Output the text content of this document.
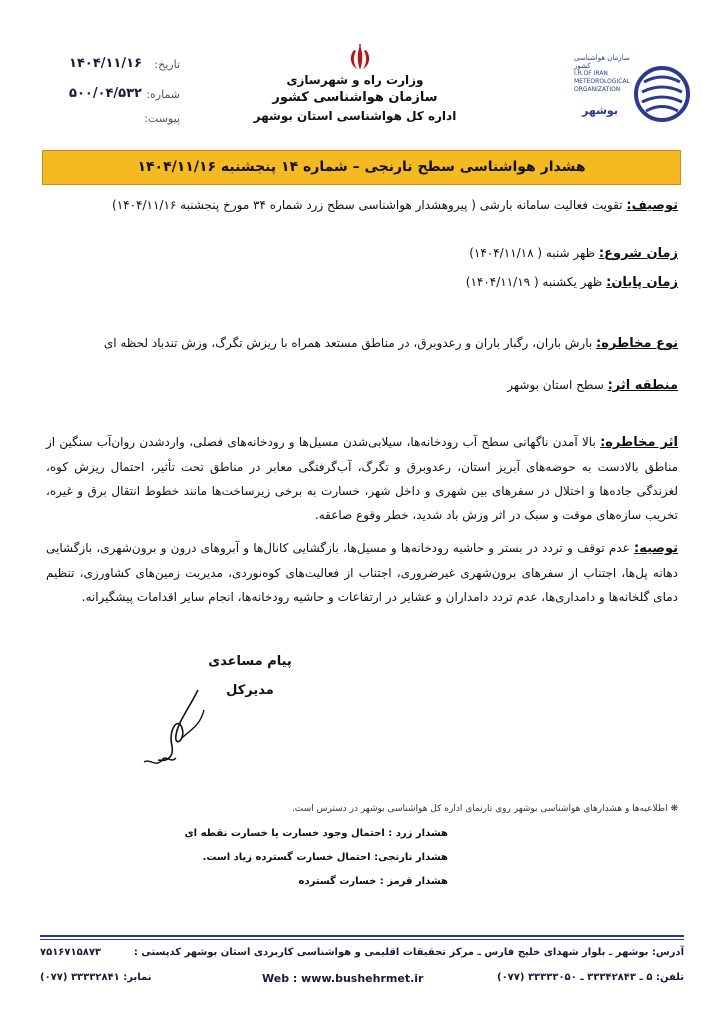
تاریخ:
۱۴۰۴/۱۱/۱۶
شماره:
۵۰۰/۰۴/۵۳۲
پیوست:
وزارت راه و شهرسازی
سازمان هواشناسی کشور
اداره کل هواشناسی استان بوشهر
سازمان هواشناسی کشور
I.R.OF IRAN
METEOROLOGICAL
ORGANIZATION
بوشهر
هشدار هواشناسی سطح نارنجی – شماره ۱۴ پنجشنبه ۱۴۰۴/۱۱/۱۶
توصیف: تقویت فعالیت سامانه بارشی ( پیروهشدار هواشناسی سطح زرد شماره ۳۴ مورخ پنجشنبه ۱۴۰۴/۱۱/۱۶)
زمان شروع: ظهر شنبه ( ۱۴۰۴/۱۱/۱۸)
زمان پایان: ظهر یکشنبه ( ۱۴۰۴/۱۱/۱۹)
نوع مخاطره: بارش باران، رگبار باران و رعدوبرق، در مناطق مستعد همراه با ریزش تگرگ، وزش تندباد لحظه ای
منطقه اثر: سطح استان بوشهر
اثر مخاطره: بالا آمدن ناگهانی سطح آب رودخانه‌ها، سیلابی‌شدن مسیل‌ها و رودخانه‌های فصلی، واردشدن روان‌آب سنگین از مناطق بالادست به حوضه‌های آبریز استان، رعدوبرق و تگرگ، آب‌گرفتگی معابر در مناطق تحت تأثیر، احتمال ریزش کوه، لغزندگی جاده‌ها و اختلال در سفرهای بین شهری و داخل شهر، خسارت به برخی زیرساخت‌ها مانند خطوط انتقال برق و غیره، تخریب سازه‌های موقت و سبک در اثر وزش باد شدید، خطر وقوع صاعقه.
توصیه: عدم توقف و تردد در بستر و حاشیه رودخانه‌ها و مسیل‌ها، بازگشایی کانال‌ها و آبروهای درون و برون‌شهری، بازگشایی دهانه پل‌ها، اجتناب از سفرهای برون‌شهری غیرضروری، اجتناب از فعالیت‌های کوه‌نوردی، مدیریت زمین‌های کشاورزی، تنظیم دمای گلخانه‌ها و دامداری‌ها، عدم تردد دامداران و عشایر در ارتفاعات و حاشیه رودخانه‌ها، انجام سایر اقدامات پیشگیرانه.
پیام مساعدی
مدیرکل
❋ اطلاعیه‌ها و هشدارهای هواشناسی بوشهر روی تارنمای اداره کل هواشناسی بوشهر در دسترس است.
هشدار زرد : احتمال وجود خسارت یا خسارت نقطه ای
هشدار نارنجی: احتمال خسارت گسترده زیاد است.
هشدار قرمز : خسارت گسترده
آدرس: بوشهر ـ بلوار شهدای خلیج فارس ـ مرکز تحقیقات اقلیمی و هواشناسی کاربردی استان بوشهر کدپستی :
۷۵۱۶۷۱۵۸۷۳
تلفن: ۵ ـ ۳۳۳۴۲۸۴۳ ـ ۳۳۳۳۳۰۵۰ (۰۷۷)
نمابر: ۳۳۳۳۲۸۴۱ (۰۷۷)	Web : www.bushehrmet.ir
